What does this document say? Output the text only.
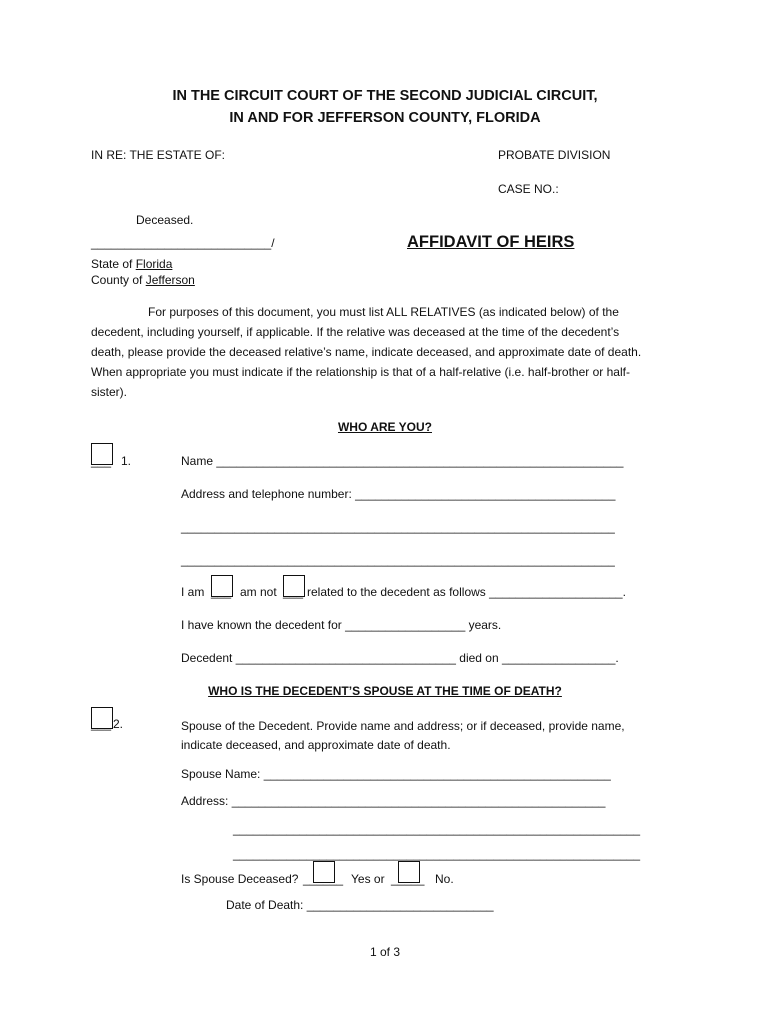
IN THE CIRCUIT COURT OF THE SECOND JUDICIAL CIRCUIT,
IN AND FOR JEFFERSON COUNTY, FLORIDA
IN RE: THE ESTATE OF:	PROBATE DIVISION
CASE NO.:
Deceased.
___________________________/	AFFIDAVIT OF HEIRS
State of Florida
County of Jefferson
For purposes of this document, you must list ALL RELATIVES (as indicated below) of the decedent, including yourself, if applicable. If the relative was deceased at the time of the decedent’s death, please provide the deceased relative’s name, indicate deceased, and approximate date of death. When appropriate you must indicate if the relationship is that of a half-relative (i.e. half-brother or half-sister).
WHO ARE YOU?
___ 1.	Name _____________________________________________________________
Address and telephone number: _______________________________________
_________________________________________________________________
_________________________________________________________________
I am ___ am not ___ related to the decedent as follows ____________________.
I have known the decedent for __________________ years.
Decedent _________________________________ died on _________________.
WHO IS THE DECEDENT’S SPOUSE AT THE TIME OF DEATH?
___ 2.	Spouse of the Decedent. Provide name and address; or if deceased, provide name, indicate deceased, and approximate date of death.
Spouse Name: ____________________________________________________
Address: ________________________________________________________
_____________________________________________________________
_____________________________________________________________
Is Spouse Deceased? ______ Yes or _____ No.
Date of Death: ____________________________
1 of 3
